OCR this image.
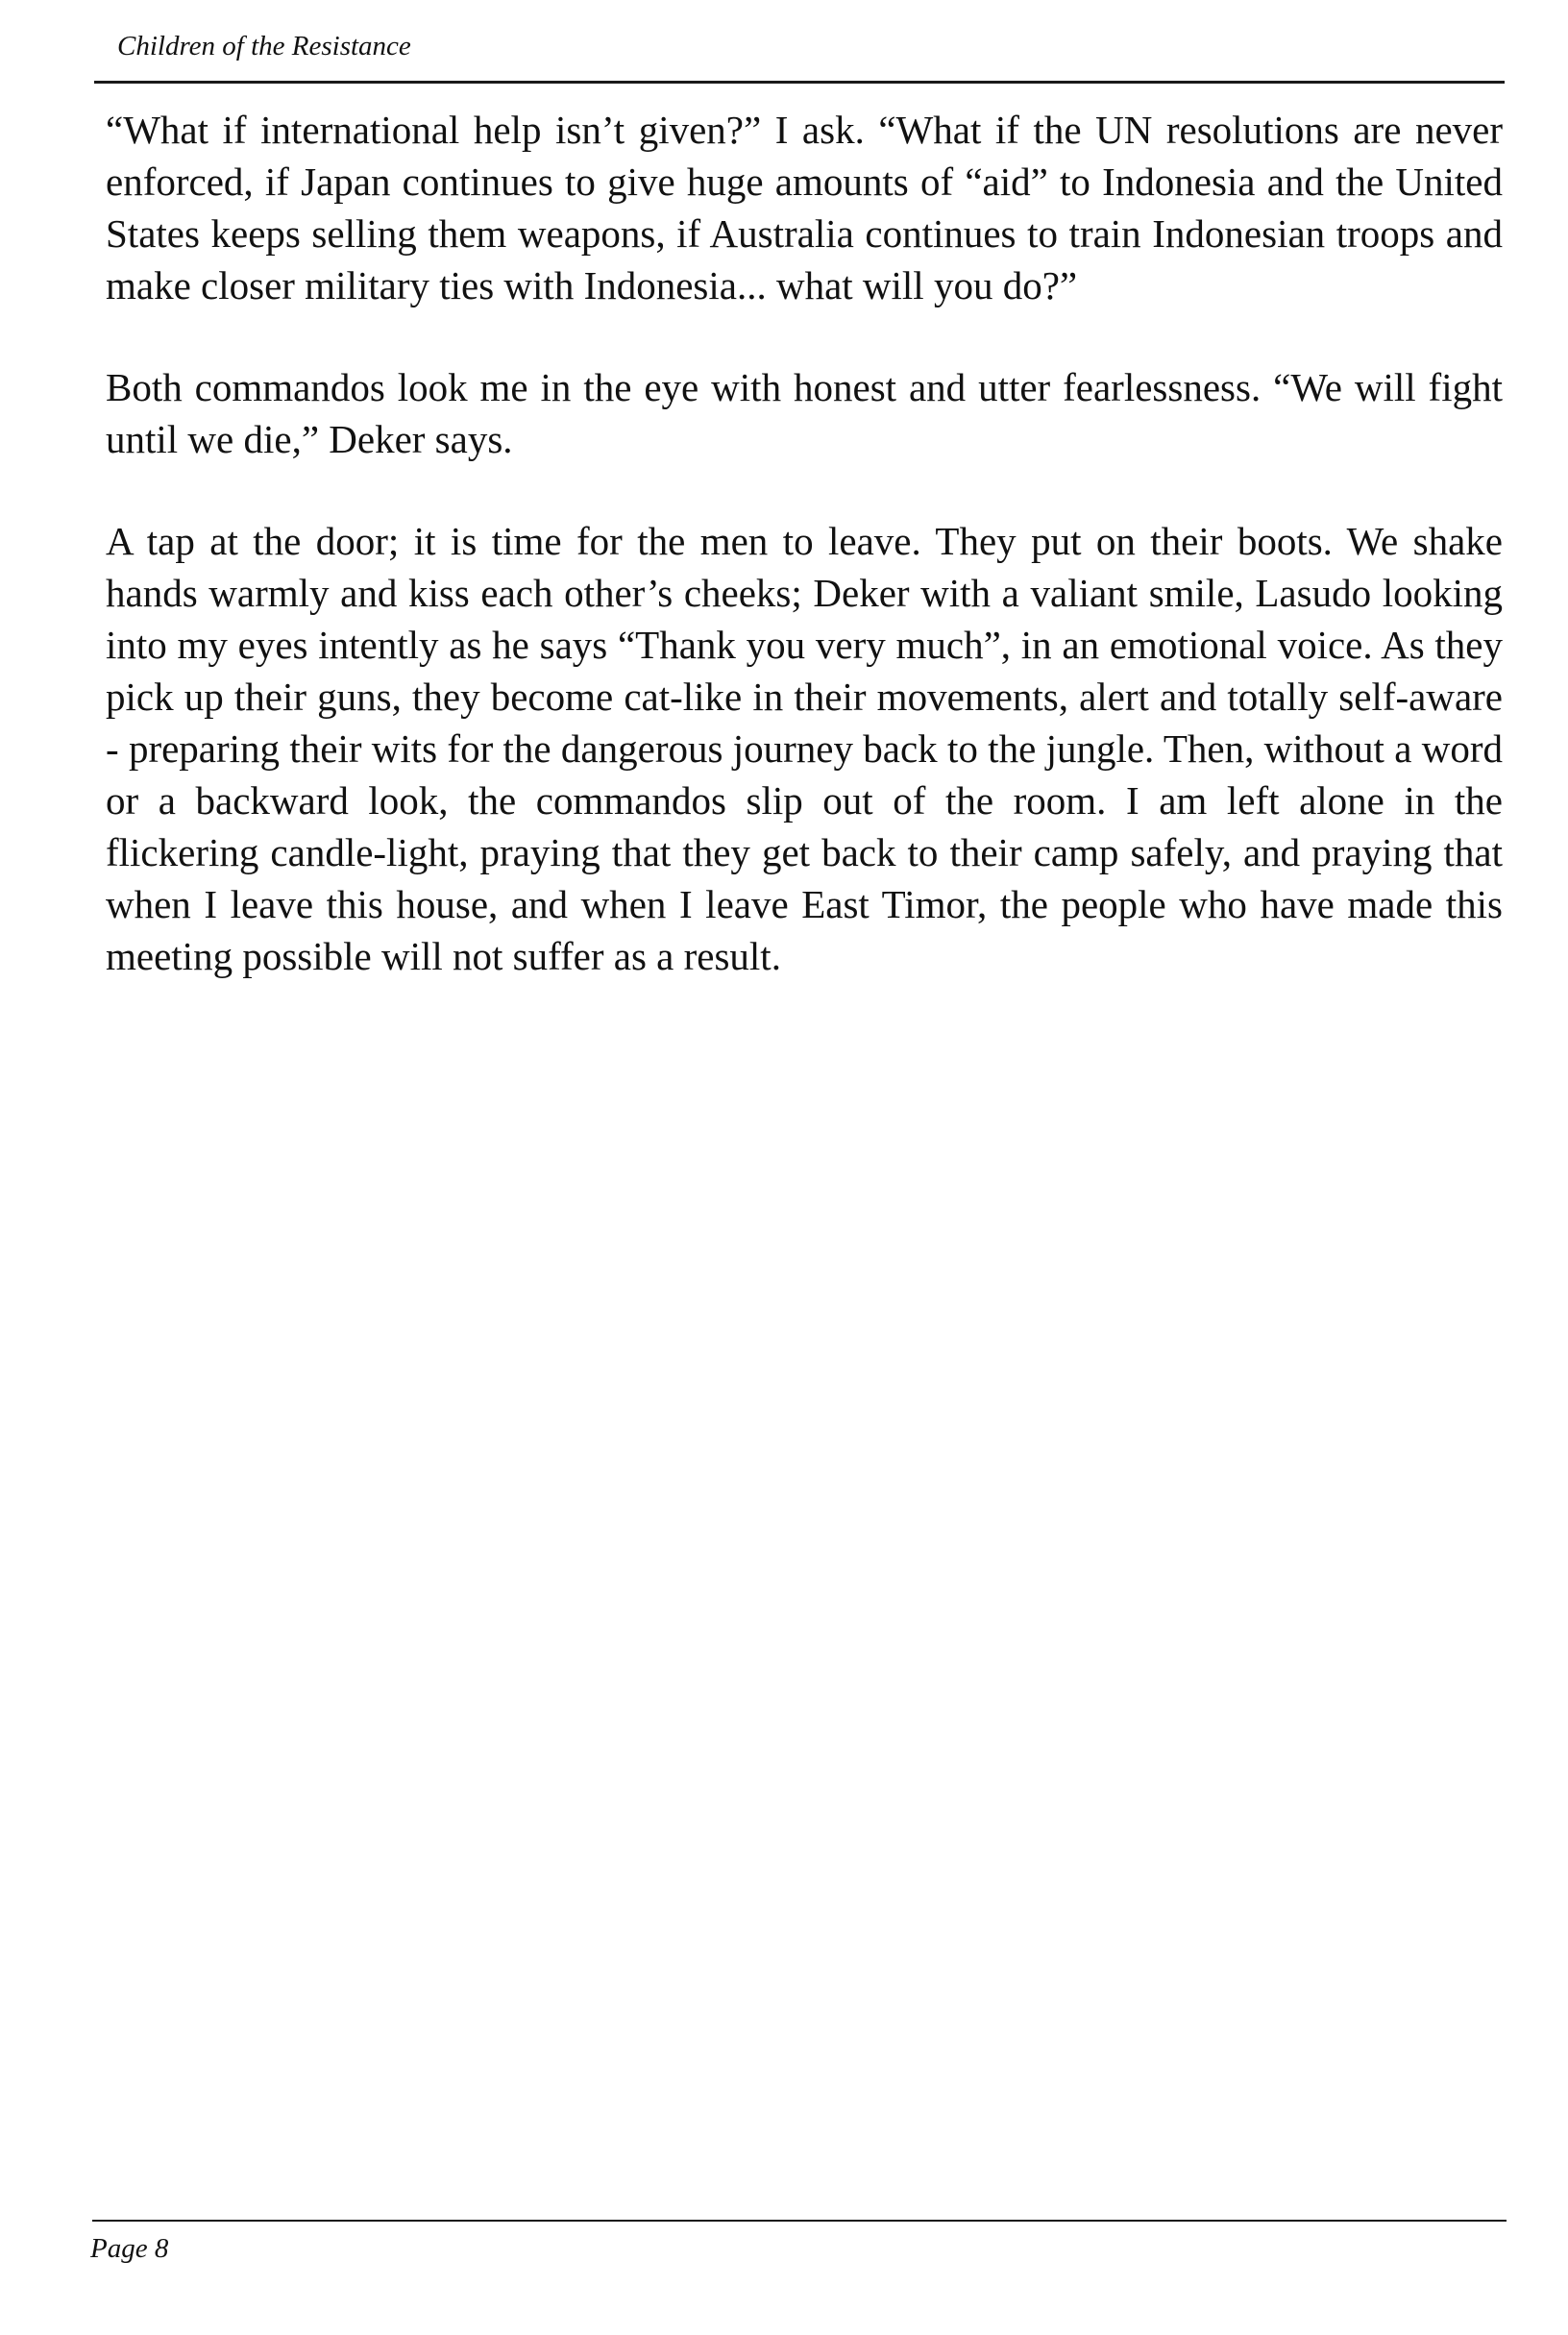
Children of the Resistance

“What if international help isn’t given?” I ask. “What if the UN resolutions are never enforced, if Japan continues to give huge amounts of “aid” to Indonesia and the United States keeps selling them weapons, if Australia continues to train Indonesian troops and make closer military ties with Indonesia... what will you do?”

Both commandos look me in the eye with honest and utter fearlessness. “We will fight until we die,” Deker says.

A tap at the door; it is time for the men to leave. They put on their boots. We shake hands warmly and kiss each other’s cheeks; Deker with a valiant smile, Lasudo looking into my eyes intently as he says “Thank you very much”, in an emotional voice. As they pick up their guns, they become cat-like in their movements, alert and totally self-aware - preparing their wits for the dangerous journey back to the jungle. Then, without a word or a backward look, the commandos slip out of the room. I am left alone in the flickering candle-light, praying that they get back to their camp safely, and praying that when I leave this house, and when I leave East Timor, the people who have made this meeting possible will not suffer as a result.

Page 8
